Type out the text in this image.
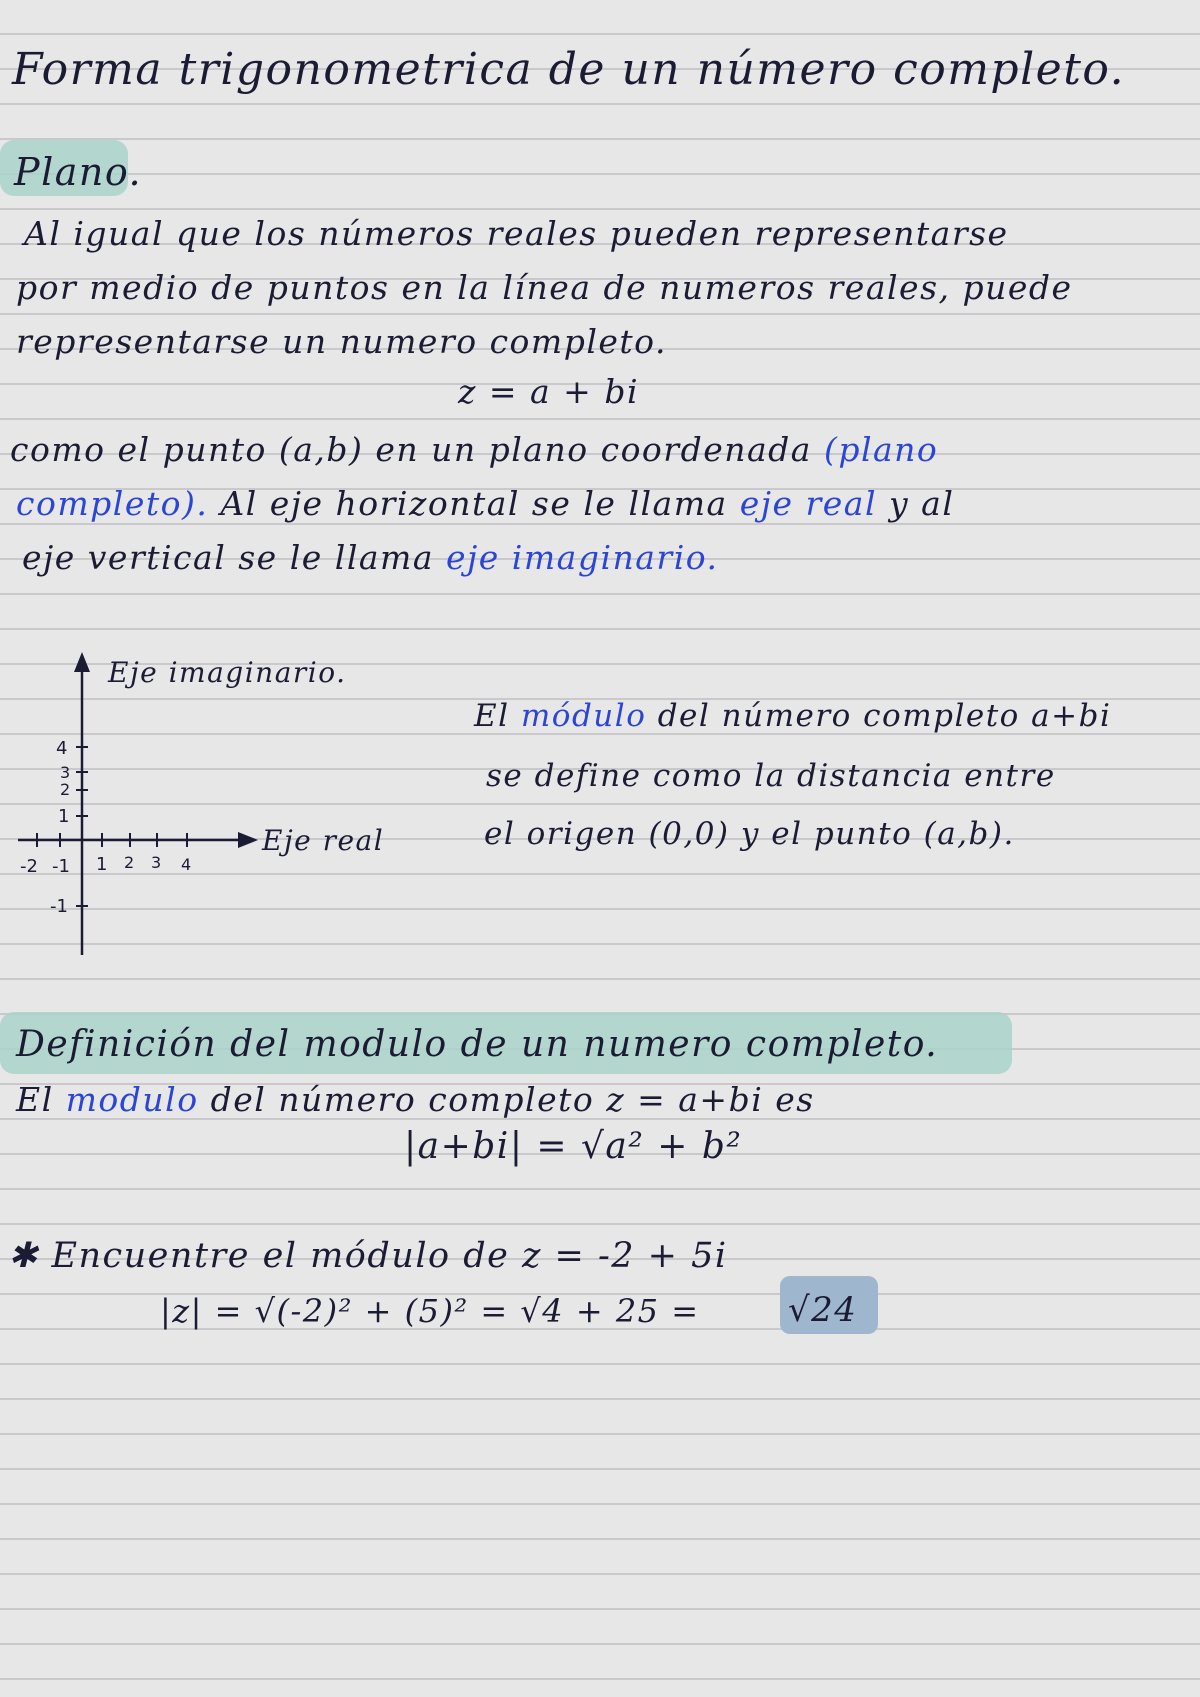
Forma trigonometrica de un número completo.
Plano.
Al igual que los números reales pueden representarse
por medio de puntos en la línea de numeros reales, puede
representarse un numero completo.
z = a + bi
como el punto (a,b) en un plano coordenada (plano
completo). Al eje horizontal se le llama eje real y al
eje vertical se le llama eje imaginario.
-2 -1 1 2 3 4
4
3
2
1
-1
Eje imaginario.
Eje real
El módulo del número completo a+bi
se define como la distancia entre
el origen (0,0) y el punto (a,b).
Definición del modulo de un numero completo.
El modulo del número completo z = a+bi es
|a+bi| = √a² + b²
✱ Encuentre el módulo de z = -2 + 5i
|z| = √(-2)² + (5)² = √4 + 25 =	√24
